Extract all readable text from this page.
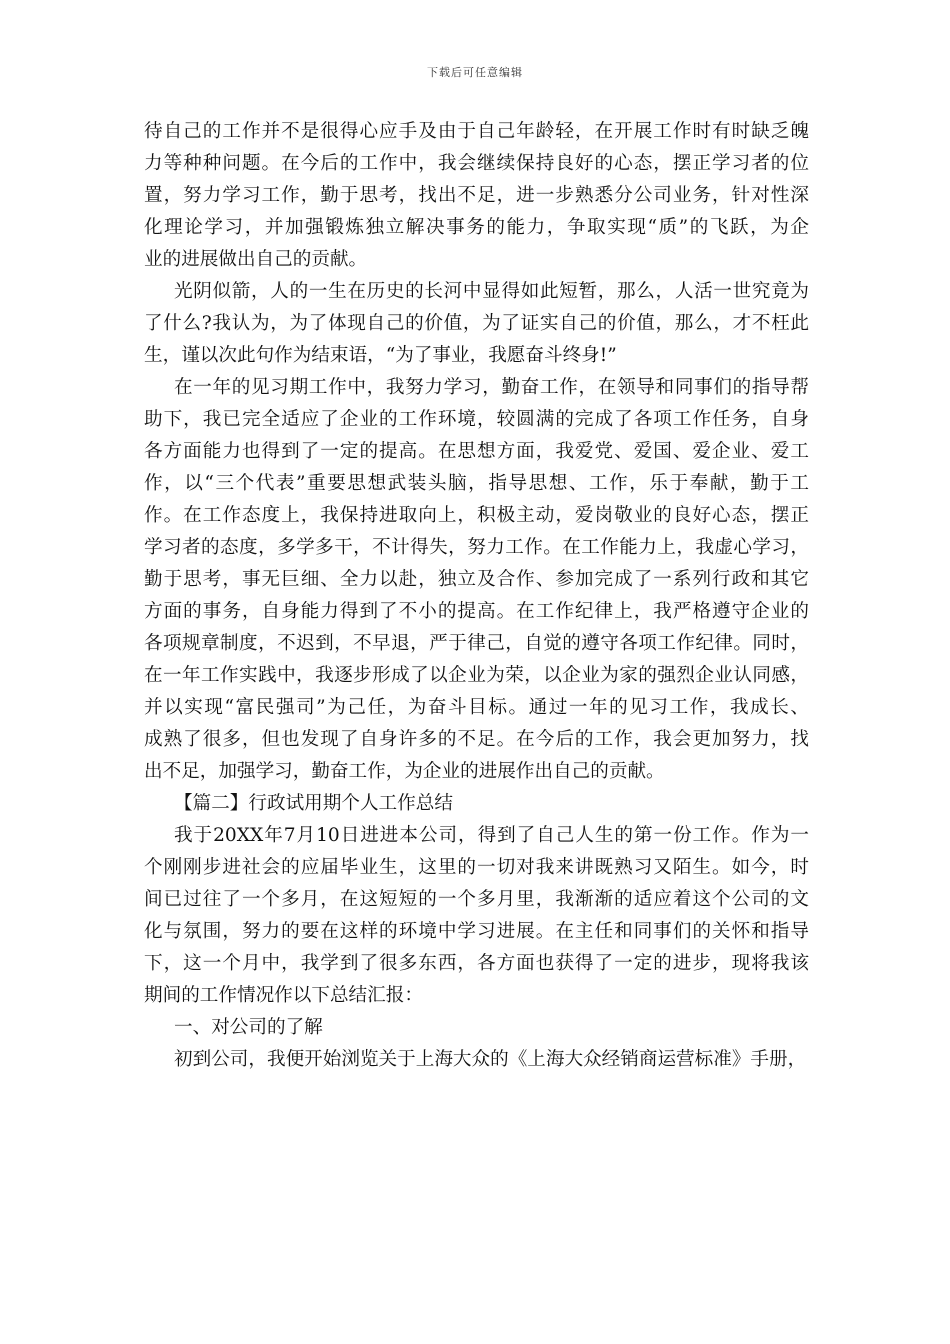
下载后可任意编辑
待自己的工作并不是很得心应手及由于自己年龄轻，在开展工作时有时缺乏魄
力等种种问题。在今后的工作中，我会继续保持良好的心态，摆正学习者的位
置，努力学习工作，勤于思考，找出不足，进一步熟悉分公司业务，针对性深
化理论学习，并加强锻炼独立解决事务的能力，争取实现“质”的飞跃，为企
业的进展做出自己的贡献。
光阴似箭，人的一生在历史的长河中显得如此短暂，那么，人活一世究竟为
了什么?我认为，为了体现自己的价值，为了证实自己的价值，那么，才不枉此
生，谨以次此句作为结束语，“为了事业，我愿奋斗终身!”
在一年的见习期工作中，我努力学习，勤奋工作，在领导和同事们的指导帮
助下，我已完全适应了企业的工作环境，较圆满的完成了各项工作任务，自身
各方面能力也得到了一定的提高。在思想方面，我爱党、爱国、爱企业、爱工
作，以“三个代表”重要思想武装头脑，指导思想、工作，乐于奉献，勤于工
作。在工作态度上，我保持进取向上，积极主动，爱岗敬业的良好心态，摆正
学习者的态度，多学多干，不计得失，努力工作。在工作能力上，我虚心学习，
勤于思考，事无巨细、全力以赴，独立及合作、参加完成了一系列行政和其它
方面的事务，自身能力得到了不小的提高。在工作纪律上，我严格遵守企业的
各项规章制度，不迟到，不早退，严于律己，自觉的遵守各项工作纪律。同时，
在一年工作实践中，我逐步形成了以企业为荣，以企业为家的强烈企业认同感，
并以实现“富民强司”为己任，为奋斗目标。通过一年的见习工作，我成长、
成熟了很多，但也发现了自身许多的不足。在今后的工作，我会更加努力，找
出不足，加强学习，勤奋工作，为企业的进展作出自己的贡献。
【篇二】行政试用期个人工作总结
我于20XX年7月10日进进本公司，得到了自己人生的第一份工作。作为一
个刚刚步进社会的应届毕业生，这里的一切对我来讲既熟习又陌生。如今，时
间已过往了一个多月，在这短短的一个多月里，我渐渐的适应着这个公司的文
化与氛围，努力的要在这样的环境中学习进展。在主任和同事们的关怀和指导
下，这一个月中，我学到了很多东西，各方面也获得了一定的进步，现将我该
期间的工作情况作以下总结汇报：
一、对公司的了解
初到公司，我便开始浏览关于上海大众的《上海大众经销商运营标准》手册，
